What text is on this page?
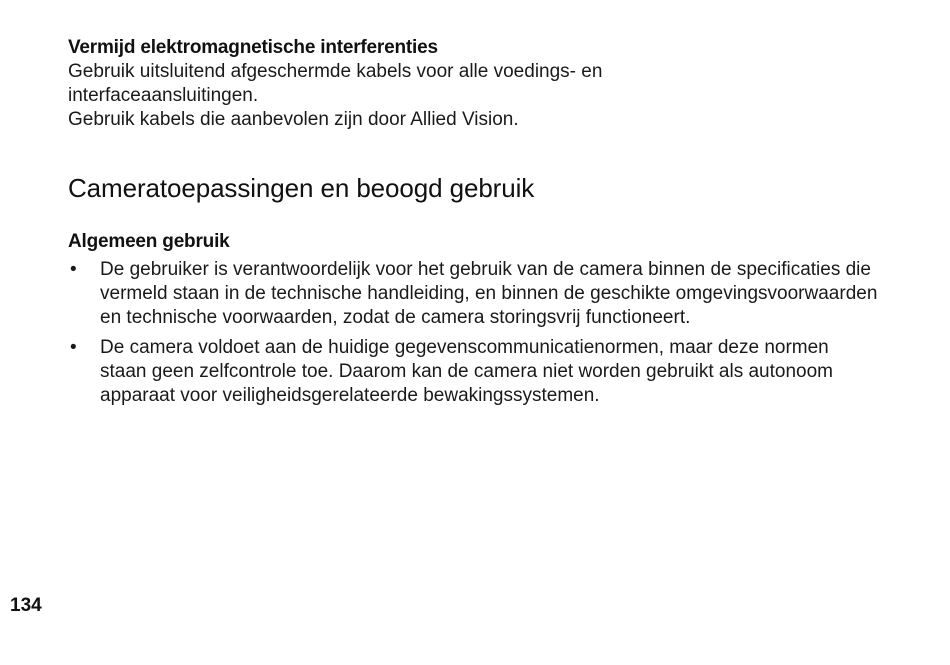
Vermijd elektromagnetische interferenties

Gebruik uitsluitend afgeschermde kabels voor alle voedings- en

interfaceaansluitingen.

Gebruik kabels die aanbevolen zijn door Allied Vision.

Cameratoepassingen en beoogd gebruik
Algemeen gebruik
• De gebruiker is verantwoordelijk voor het gebruik van de camera binnen de specificaties die vermeld staan in de technische handleiding, en binnen de geschikte omgevingsvoorwaarden en technische voorwaarden, zodat de camera storingsvrij functioneert.
• De camera voldoet aan de huidige gegevenscommunicatienormen, maar deze normen staan geen zelfcontrole toe. Daarom kan de camera niet worden gebruikt als autonoom apparaat voor veiligheidsgerelateerde bewakingssystemen.

134
